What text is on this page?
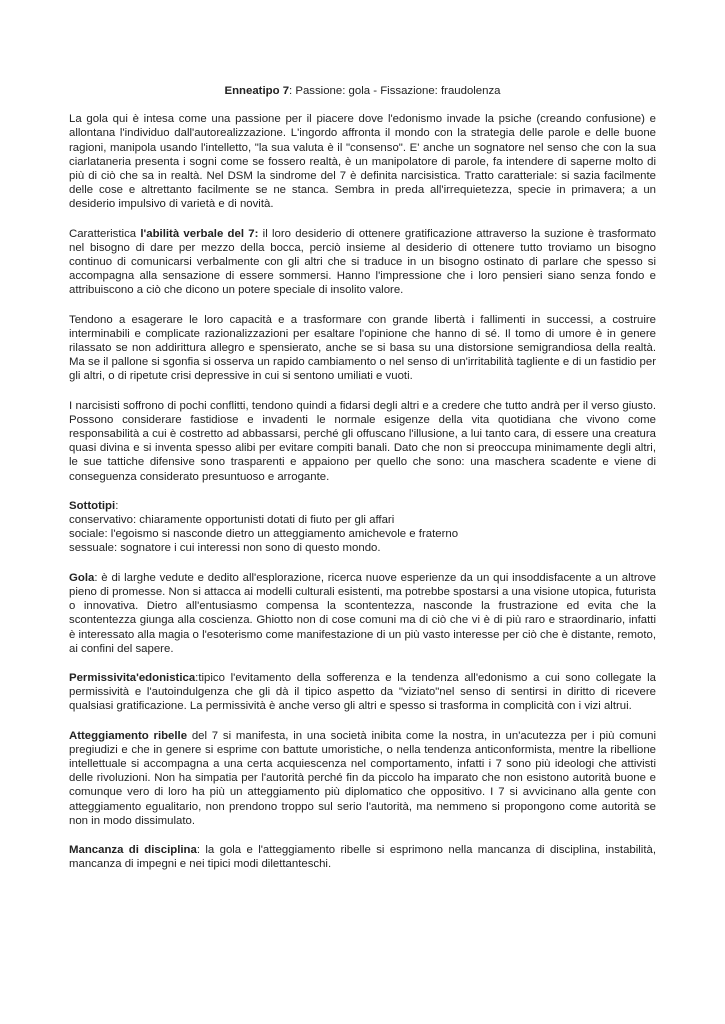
Enneatipo 7: Passione: gola - Fissazione: fraudolenza

La gola qui è intesa come una passione per il piacere dove l'edonismo invade la psiche (creando confusione) e allontana l'individuo dall'autorealizzazione. L'ingordo affronta il mondo con la strategia delle parole e delle buone ragioni, manipola usando l'intelletto, "la sua valuta è il "consenso". E' anche un sognatore nel senso che con la sua ciarlataneria presenta i sogni come se fossero realtà, è un manipolatore di parole, fa intendere di saperne molto di più di ciò che sa in realtà. Nel DSM la sindrome del 7 è definita narcisistica. Tratto caratteriale: si sazia facilmente delle cose e altrettanto facilmente se ne stanca. Sembra in preda all'irrequietezza, specie in primavera; a un desiderio impulsivo di varietà e di novità.

Caratteristica l'abilità verbale del 7: il loro desiderio di ottenere gratificazione attraverso la suzione è trasformato nel bisogno di dare per mezzo della bocca, perciò insieme al desiderio di ottenere tutto troviamo un bisogno continuo di comunicarsi verbalmente con gli altri che si traduce in un bisogno ostinato di parlare che spesso si accompagna alla sensazione di essere sommersi. Hanno l'impressione che i loro pensieri siano senza fondo e attribuiscono a ciò che dicono un potere speciale di insolito valore.

Tendono a esagerare le loro capacità e a trasformare con grande libertà i fallimenti in successi, a costruire interminabili e complicate razionalizzazioni per esaltare l'opinione che hanno di sé. Il tomo di umore è in genere rilassato se non addirittura allegro e spensierato, anche se si basa su una distorsione semigrandiosa della realtà. Ma se il pallone si sgonfia si osserva un rapido cambiamento o nel senso di un'irritabilità tagliente e di un fastidio per gli altri, o di ripetute crisi depressive in cui si sentono umiliati e vuoti.

I narcisisti soffrono di pochi conflitti, tendono quindi a fidarsi degli altri e a credere che tutto andrà per il verso giusto. Possono considerare fastidiose e invadenti le normale esigenze della vita quotidiana che vivono come responsabilità a cui è costretto ad abbassarsi, perché gli offuscano l'illusione, a lui tanto cara, di essere una creatura quasi divina e si inventa spesso alibi per evitare compiti banali. Dato che non si preoccupa minimamente degli altri, le sue tattiche difensive sono trasparenti e appaiono per quello che sono: una maschera scadente e viene di conseguenza considerato presuntuoso e arrogante.

Sottotipi:
conservativo: chiaramente opportunisti dotati di fiuto per gli affari
sociale: l'egoismo si nasconde dietro un atteggiamento amichevole e fraterno
sessuale: sognatore i cui interessi non sono di questo mondo.

Gola: è di larghe vedute e dedito all'esplorazione, ricerca nuove esperienze da un qui insoddisfacente a un altrove pieno di promesse. Non si attacca ai modelli culturali esistenti, ma potrebbe spostarsi a una visione utopica, futurista o innovativa. Dietro all'entusiasmo compensa la scontentezza, nasconde la frustrazione ed evita che la scontentezza giunga alla coscienza. Ghiotto non di cose comuni ma di ciò che vi è di più raro e straordinario, infatti è interessato alla magia o l'esoterismo come manifestazione di un più vasto interesse per ciò che è distante, remoto, ai confini del sapere.

Permissivita'edonistica:tipico l'evitamento della sofferenza e la tendenza all'edonismo a cui sono collegate la permissività e l'autoindulgenza che gli dà il tipico aspetto da "viziato"nel senso di sentirsi in diritto di ricevere qualsiasi gratificazione. La permissività è anche verso gli altri e spesso si trasforma in complicità con i vizi altrui.

Atteggiamento ribelle del 7 si manifesta, in una società inibita come la nostra, in un'acutezza per i più comuni pregiudizi e che in genere si esprime con battute umoristiche, o nella tendenza anticonformista, mentre la ribellione intellettuale si accompagna a una certa acquiescenza nel comportamento, infatti i 7 sono più ideologi che attivisti delle rivoluzioni. Non ha simpatia per l'autorità perché fin da piccolo ha imparato che non esistono autorità buone e comunque vero di loro ha più un atteggiamento più diplomatico che oppositivo. I 7 si avvicinano alla gente con atteggiamento egualitario, non prendono troppo sul serio l'autorità, ma nemmeno si propongono come autorità se non in modo dissimulato.

Mancanza di disciplina: la gola e l'atteggiamento ribelle si esprimono nella mancanza di disciplina, instabilità, mancanza di impegni e nei tipici modi dilettanteschi.
